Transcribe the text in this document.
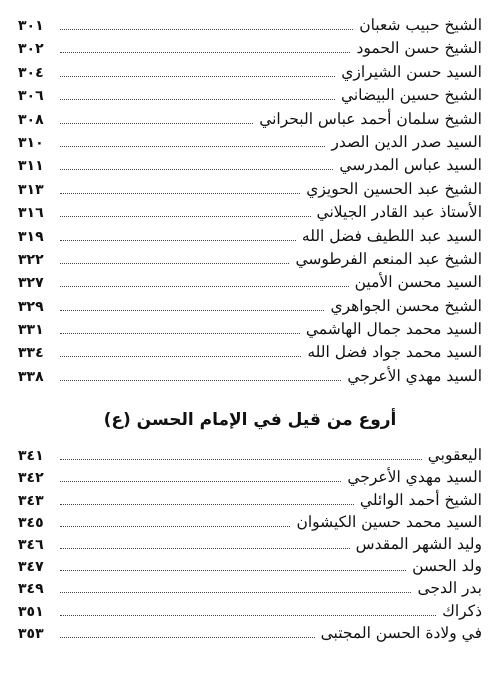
الشيخ حبيب شعبان
٣٠١
الشيخ حسن الحمود
٣٠٢
السيد حسن الشيرازي
٣٠٤
الشيخ حسين البيضاني
٣٠٦
الشيخ سلمان أحمد عباس البحراني
٣٠٨
السيد صدر الدين الصدر
٣١٠
السيد عباس المدرسي
٣١١
الشيخ عبد الحسين الحويزي
٣١٣
الأستاذ عبد القادر الجيلاني
٣١٦
السيد عبد اللطيف فضل الله
٣١٩
الشيخ عبد المنعم الفرطوسي
٣٢٢
السيد محسن الأمين
٣٢٧
الشيخ محسن الجواهري
٣٢٩
السيد محمد جمال الهاشمي
٣٣١
السيد محمد جواد فضل الله
٣٣٤
السيد مهدي الأعرجي
٣٣٨
أروع من قيل في الإمام الحسن (ع)
اليعقوبي
٣٤١
السيد مهدي الأعرجي
٣٤٢
الشيخ أحمد الوائلي
٣٤٣
السيد محمد حسين الكيشوان
٣٤٥
وليد الشهر المقدس
٣٤٦
ولد الحسن
٣٤٧
بدر الدجى
٣٤٩
ذكراك
٣٥١
في ولادة الحسن المجتبى
٣٥٣
